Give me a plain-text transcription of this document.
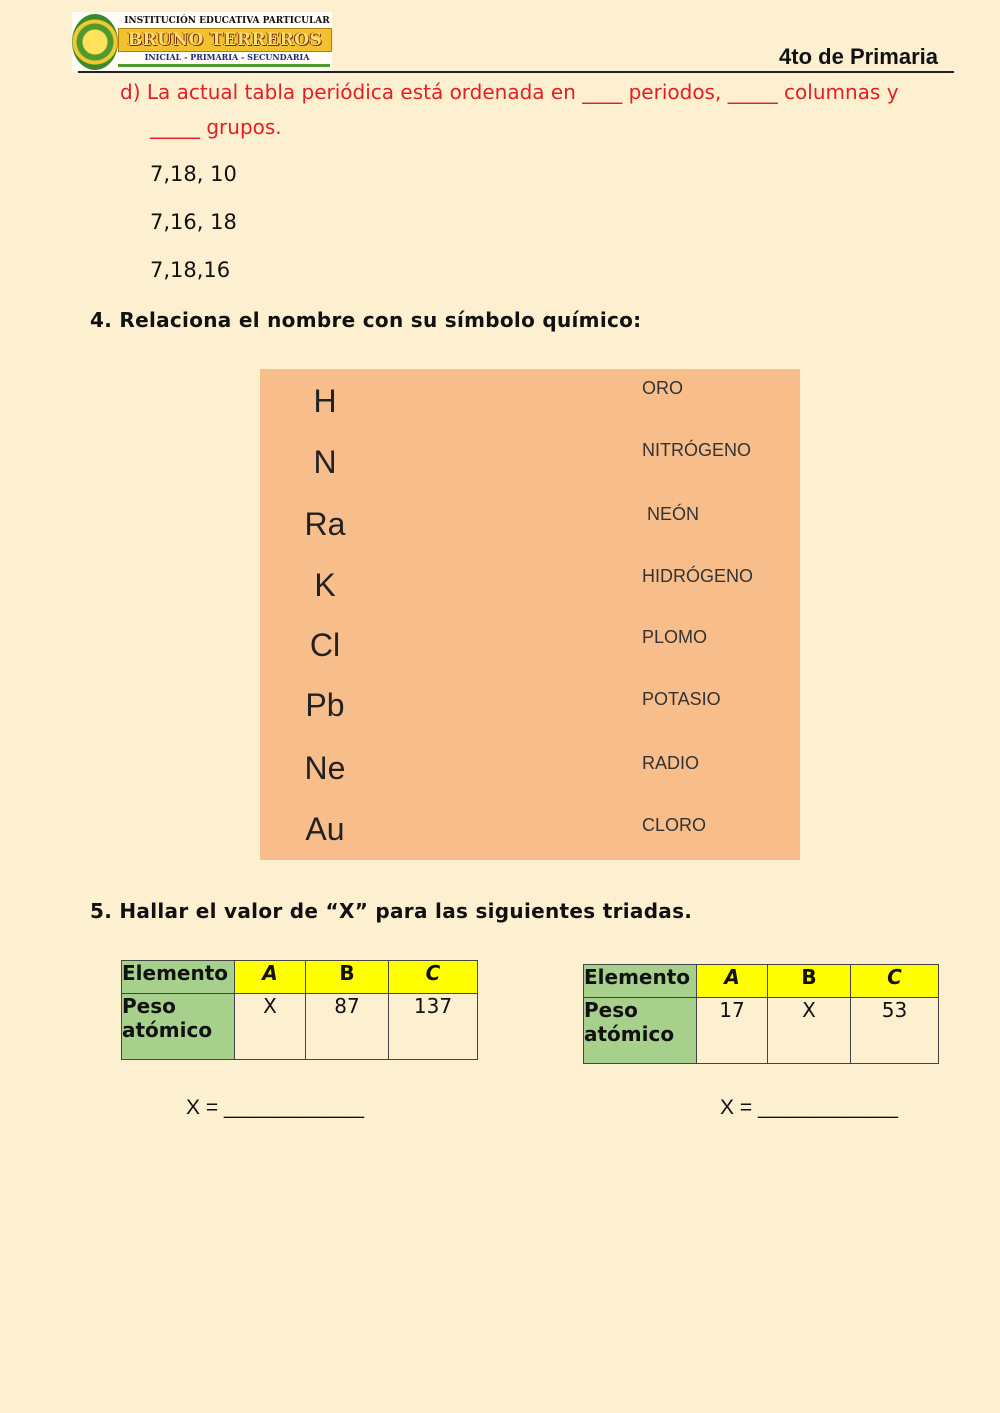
INSTITUCIÓN EDUCATIVA PARTICULAR
BRUNO TERREROS
INICIAL - PRIMARIA - SECUNDARIA	4to de Primaria
d) La actual tabla periódica está ordenada en ____ periodos, _____ columnas y
_____ grupos.
7,18, 10
7,16, 18
7,18,16
4. Relaciona el nombre con su símbolo químico:
H
N
Ra
K
Cl
Pb
Ne
Au
ORO
NITRÓGENO
NEÓN
HIDRÓGENO
PLOMO
POTASIO
RADIO
CLORO
5. Hallar el valor de “X” para las siguientes triadas.
Elemento	A	B	C
Peso
atómico	X	87	137
Elemento	A	B	C
Peso
atómico	17	X	53
X = ____________	X = ____________
